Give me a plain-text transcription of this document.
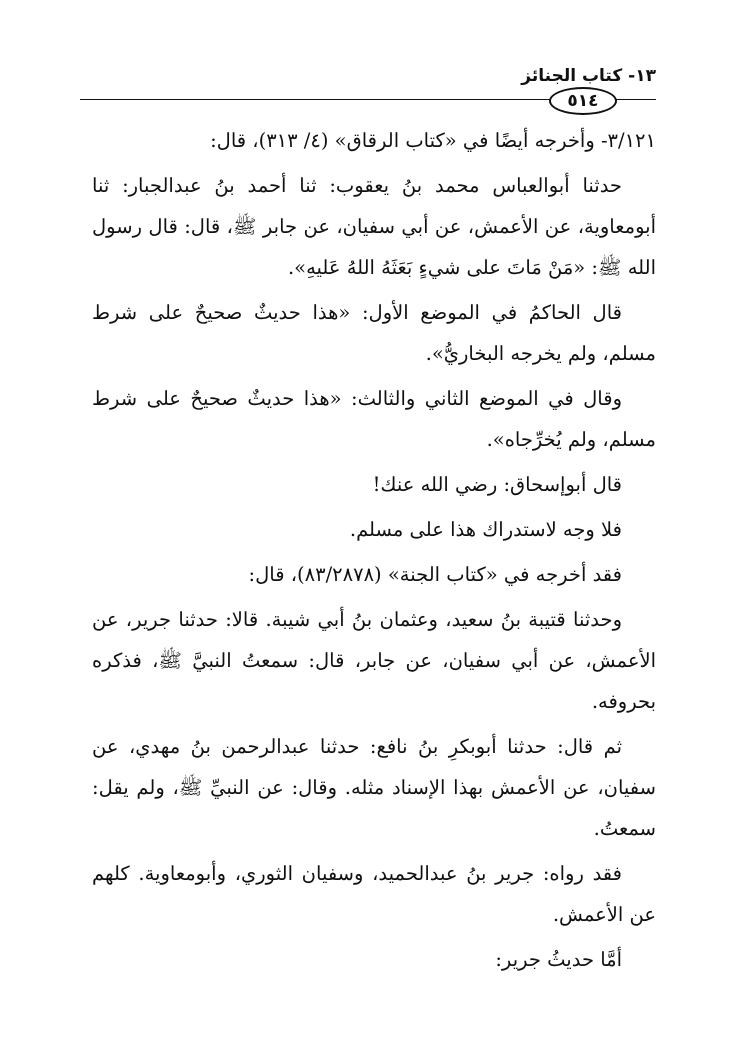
١٣- كتاب الجنائز
٥١٤

٣/١٢١- وأخرجه أيضًا في «كتاب الرقاق» (٤/ ٣١٣)، قال:

حدثنا أبوالعباس محمد بنُ يعقوب: ثنا أحمد بنُ عبدالجبار: ثنا أبومعاوية، عن الأعمش، عن أبي سفيان، عن جابر ﷺ، قال: قال رسول الله ﷺ: «مَنْ مَاتَ على شيءٍ بَعَثَهُ اللهُ عَليهِ».

قال الحاكمُ في الموضع الأول: «هذا حديثٌ صحيحٌ على شرط مسلم، ولم يخرجه البخاريُّ».

وقال في الموضع الثاني والثالث: «هذا حديثٌ صحيحٌ على شرط مسلم، ولم يُخرِّجاه».

قال أبوإسحاق: رضي الله عنك!

فلا وجه لاستدراك هذا على مسلم.

فقد أخرجه في «كتاب الجنة» (٨٣/٢٨٧٨)، قال:

وحدثنا قتيبة بنُ سعيد، وعثمان بنُ أبي شيبة. قالا: حدثنا جرير، عن الأعمش، عن أبي سفيان، عن جابر، قال: سمعتُ النبيَّ ﷺ، فذكره بحروفه.

ثم قال: حدثنا أبوبكرِ بنُ نافع: حدثنا عبدالرحمن بنُ مهدي، عن سفيان، عن الأعمش بهذا الإسناد مثله. وقال: عن النبيِّ ﷺ، ولم يقل: سمعتُ.

فقد رواه: جرير بنُ عبدالحميد، وسفيان الثوري، وأبومعاوية. كلهم عن الأعمش.

أمَّا حديثُ جرير:
